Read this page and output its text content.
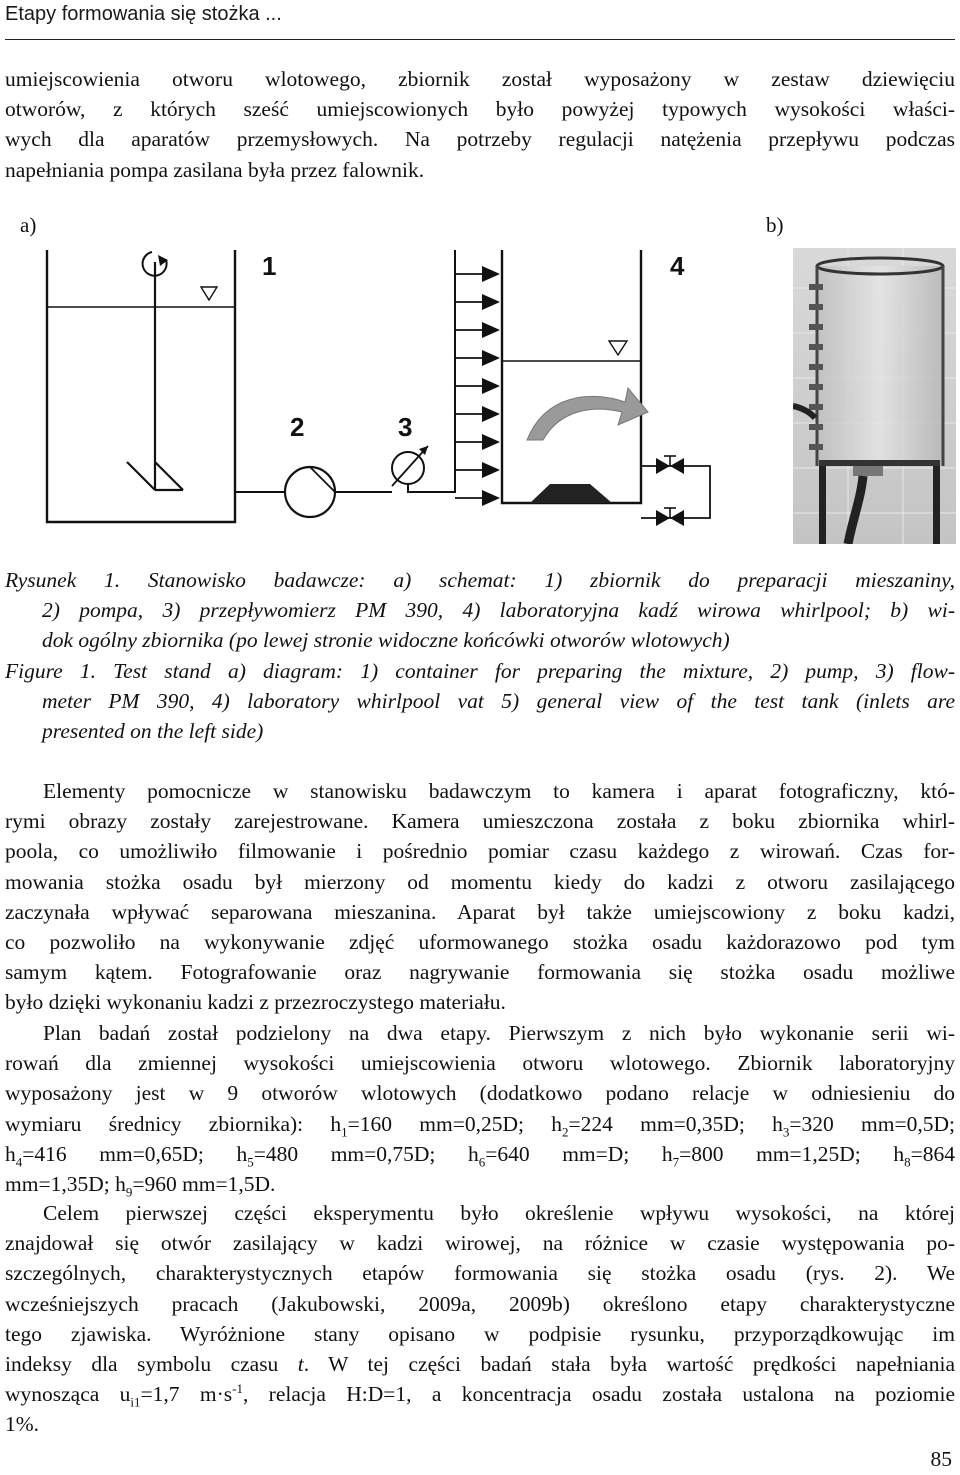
Etapy formowania się stożka ...
umiejscowienia otworu wlotowego, zbiornik został wyposażony w zestaw dziewięciu
otworów, z których sześć umiejscowionych było powyżej typowych wysokości właści-
wych dla aparatów przemysłowych. Na potrzeby regulacji natężenia przepływu podczas
napełniania pompa zasilana była przez falownik.
a)	b)
1
2	3
4
Rysunek 1. Stanowisko badawcze: a) schemat: 1) zbiornik do preparacji mieszaniny,
2) pompa, 3) przepływomierz PM 390, 4) laboratoryjna kadź wirowa whirlpool; b) wi-
dok ogólny zbiornika (po lewej stronie widoczne końcówki otworów wlotowych)
Figure 1. Test stand a) diagram: 1) container for preparing the mixture, 2) pump, 3) flow-
meter PM 390, 4) laboratory whirlpool vat 5) general view of the test tank (inlets are
presented on the left side)
Elementy pomocnicze w stanowisku badawczym to kamera i aparat fotograficzny, któ-
rymi obrazy zostały zarejestrowane. Kamera umieszczona została z boku zbiornika whirl-
poola, co umożliwiło filmowanie i pośrednio pomiar czasu każdego z wirowań. Czas for-
mowania stożka osadu był mierzony od momentu kiedy do kadzi z otworu zasilającego
zaczynała wpływać separowana mieszanina. Aparat był także umiejscowiony z boku kadzi,
co pozwoliło na wykonywanie zdjęć uformowanego stożka osadu każdorazowo pod tym
samym kątem. Fotografowanie oraz nagrywanie formowania się stożka osadu możliwe
było dzięki wykonaniu kadzi z przezroczystego materiału.
Plan badań został podzielony na dwa etapy. Pierwszym z nich było wykonanie serii wi-
rowań dla zmiennej wysokości umiejscowienia otworu wlotowego. Zbiornik laboratoryjny
wyposażony jest w 9 otworów wlotowych (dodatkowo podano relacje w odniesieniu do
wymiaru średnicy zbiornika): $h_1=160$ mm=0,25D; $h_2=224$ mm=0,35D; $h_3=320$ mm=0,5D;
$h_4=416$ mm=0,65D; $h_5=480$ mm=0,75D; $h_6=640$ mm=D; $h_7=800$ mm=1,25D; $h_8=864$
mm=1,35D; $h_9=960$ mm=1,5D.
Celem pierwszej części eksperymentu było określenie wpływu wysokości, na której
znajdował się otwór zasilający w kadzi wirowej, na różnice w czasie występowania po-
szczególnych, charakterystycznych etapów formowania się stożka osadu (rys. 2). We
wcześniejszych pracach (Jakubowski, 2009a, 2009b) określono etapy charakterystyczne
tego zjawiska. Wyróżnione stany opisano w podpisie rysunku, przyporządkowując im
indeksy dla symbolu czasu t. W tej części badań stała była wartość prędkości napełniania
wynosząca $u_{i1}=1,7$ $m\cdot s^{-1}$, relacja H:D=1, a koncentracja osadu została ustalona na poziomie
1%.
85
